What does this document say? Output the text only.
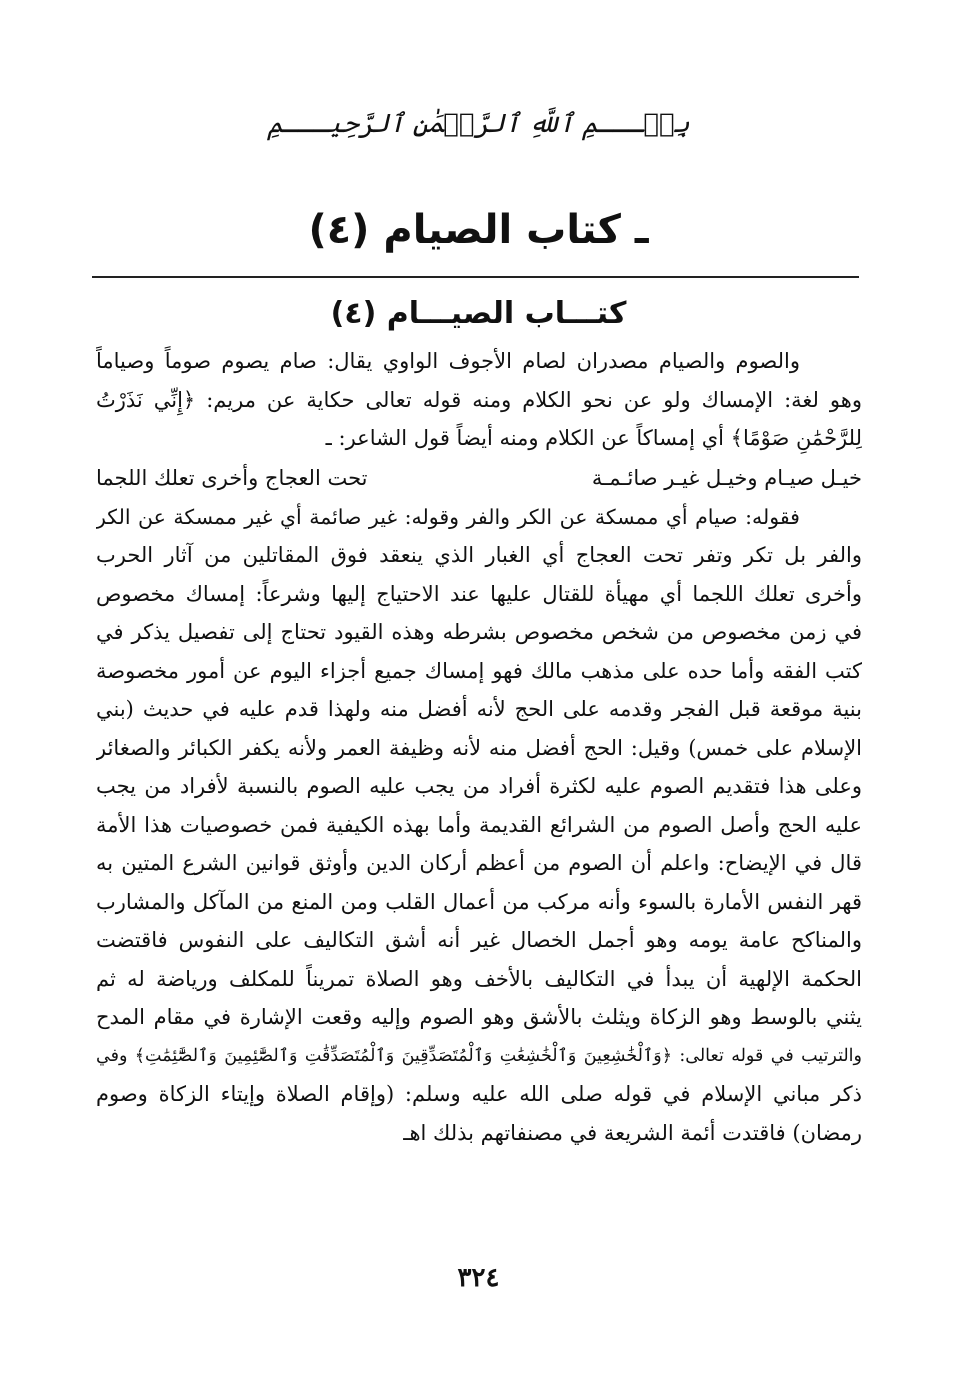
بِسۡـــمِ ٱللَّهِ ٱلرَّحۡمَٰنِ ٱلرَّحِيـــمِ
(٤) ـ كتاب الصيام
(٤) كتـــاب الصيـــام
والصوم والصيام مصدران لصام الأجوف الواوي يقال: صام يصوم صوماً وصياماً
وهو لغة: الإمساك ولو عن نحو الكلام ومنه قوله تعالى حكاية عن مريم: ﴿إِنِّي نَذَرْتُ
لِلرَّحْمَٰنِ صَوْمًا﴾ أي إمساكاً عن الكلام ومنه أيضاً قول الشاعر: ـ
خيـل صيـام وخيـل غيـر صائـمـة
تحت العجاج وأخرى تعلك اللجما
فقوله: صيام أي ممسكة عن الكر والفر وقوله: غير صائمة أي غير ممسكة عن الكر
والفر بل تكر وتفر تحت العجاج أي الغبار الذي ينعقد فوق المقاتلين من آثار الحرب
وأخرى تعلك اللجما أي مهيأة للقتال عليها عند الاحتياج إليها وشرعاً: إمساك مخصوص
في زمن مخصوص من شخص مخصوص بشرطه وهذه القيود تحتاج إلى تفصيل يذكر في
كتب الفقه وأما حده على مذهب مالك فهو إمساك جميع أجزاء اليوم عن أمور مخصوصة
بنية موقعة قبل الفجر وقدمه على الحج لأنه أفضل منه ولهذا قدم عليه في حديث (بني
الإسلام على خمس) وقيل: الحج أفضل منه لأنه وظيفة العمر ولأنه يكفر الكبائر والصغائر
وعلى هذا فتقديم الصوم عليه لكثرة أفراد من يجب عليه الصوم بالنسبة لأفراد من يجب
عليه الحج وأصل الصوم من الشرائع القديمة وأما بهذه الكيفية فمن خصوصيات هذا الأمة
قال في الإيضاح: واعلم أن الصوم من أعظم أركان الدين وأوثق قوانين الشرع المتين به
قهر النفس الأمارة بالسوء وأنه مركب من أعمال القلب ومن المنع من المآكل والمشارب
والمناكح عامة يومه وهو أجمل الخصال غير أنه أشق التكاليف على النفوس فاقتضت
الحكمة الإلهية أن يبدأ في التكاليف بالأخف وهو الصلاة تمريناً للمكلف ورياضة له ثم
يثني بالوسط وهو الزكاة ويثلث بالأشق وهو الصوم وإليه وقعت الإشارة في مقام المدح
والترتيب في قوله تعالى: ﴿وَٱلْخَٰشِعِينَ وَٱلْخَٰشِعَٰتِ وَٱلْمُتَصَدِّقِينَ وَٱلْمُتَصَدِّقَٰتِ وَٱلصَّٰٓئِمِينَ وَٱلصَّٰٓئِمَٰتِ﴾ وفي
ذكر مباني الإسلام في قوله صلى الله عليه وسلم: (وإقام الصلاة وإيتاء الزكاة وصوم
رمضان) فاقتدت أئمة الشريعة في مصنفاتهم بذلك اهـ
٣٢٤
